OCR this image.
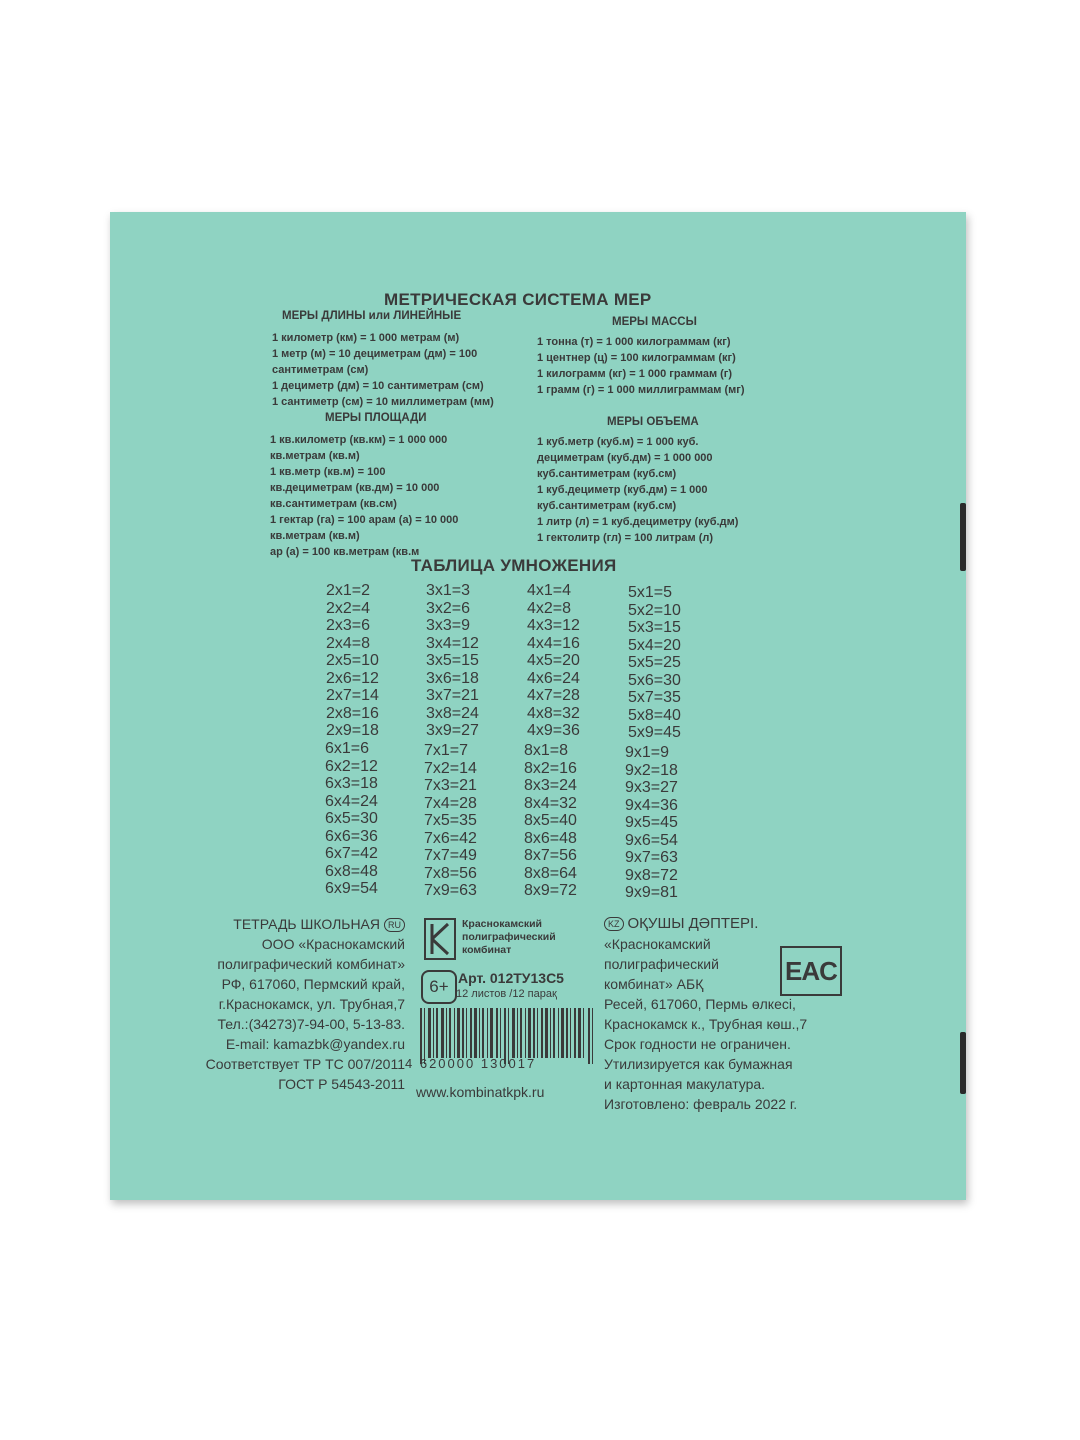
МЕТРИЧЕСКАЯ СИСТЕМА МЕР
МЕРЫ ДЛИНЫ или ЛИНЕЙНЫЕ
1 километр (км) = 1 000 метрам (м)
1 метр (м) = 10 дециметрам (дм) = 100
сантиметрам (см)
1 дециметр (дм) = 10 сантиметрам (см)
1 сантиметр (см) = 10 миллиметрам (мм)
МЕРЫ МАССЫ
1 тонна (т) = 1 000 килограммам (кг)
1 центнер (ц) = 100 килограммам (кг)
1 килограмм (кг) = 1 000 граммам (г)
1 грамм (г) = 1 000 миллиграммам (мг)
МЕРЫ ПЛОЩАДИ
1 кв.километр (кв.км) = 1 000 000
кв.метрам (кв.м)
1 кв.метр (кв.м) = 100
кв.дециметрам (кв.дм) = 10 000
кв.сантиметрам (кв.см)
1 гектар (га) = 100 арам (а) = 10 000
кв.метрам (кв.м)
ар (а) = 100 кв.метрам (кв.м
МЕРЫ ОБЪЕМА
1 куб.метр (куб.м) = 1 000 куб.
дециметрам (куб.дм) = 1 000 000
куб.сантиметрам (куб.см)
1 куб.дециметр (куб.дм) = 1 000
куб.сантиметрам (куб.см)
1 литр (л) = 1 куб.дециметру (куб.дм)
1 гектолитр (гл) = 100 литрам (л)
ТАБЛИЦА УМНОЖЕНИЯ
2x1=2
2x2=4
2x3=6
2x4=8
2x5=10
2x6=12
2x7=14
2x8=16
2x9=18
3x1=3
3x2=6
3x3=9
3x4=12
3x5=15
3x6=18
3x7=21
3x8=24
3x9=27
4x1=4
4x2=8
4x3=12
4x4=16
4x5=20
4x6=24
4x7=28
4x8=32
4x9=36
5x1=5
5x2=10
5x3=15
5x4=20
5x5=25
5x6=30
5x7=35
5x8=40
5x9=45
6x1=6
6x2=12
6x3=18
6x4=24
6x5=30
6x6=36
6x7=42
6x8=48
6x9=54
7x1=7
7x2=14
7x3=21
7x4=28
7x5=35
7x6=42
7x7=49
7x8=56
7x9=63
8x1=8
8x2=16
8x3=24
8x4=32
8x5=40
8x6=48
8x7=56
8x8=64
8x9=72
9x1=9
9x2=18
9x3=27
9x4=36
9x5=45
9x6=54
9x7=63
9x8=72
9x9=81
ТЕТРАДЬ ШКОЛЬНАЯ RU
ООО «Краснокамский
полиграфический комбинат»
РФ, 617060, Пермский край,
г.Краснокамск, ул. Трубная,7
Тел.:(34273)7-94-00, 5-13-83.
E-mail: kamazbk@yandex.ru
Соответствует ТР ТС 007/2011
ГОСТ Р 54543-2011
Краснокамский
полиграфический
комбинат
6+ Арт. 012ТУ13С5
12 листов /12 парақ
4 620000 130017
www.kombinatkpk.ru
KZ ОҚУШЫ ДӘПТЕРІ.
«Краснокамский
полиграфический
комбинат» АБҚ
Ресей, 617060, Пермь өлкесі,
Краснокамск к., Трубная көш.,7
Срок годности не ограничен.
Утилизируется как бумажная
и картонная макулатура.
Изготовлено: февраль 2022 г.
EAC
